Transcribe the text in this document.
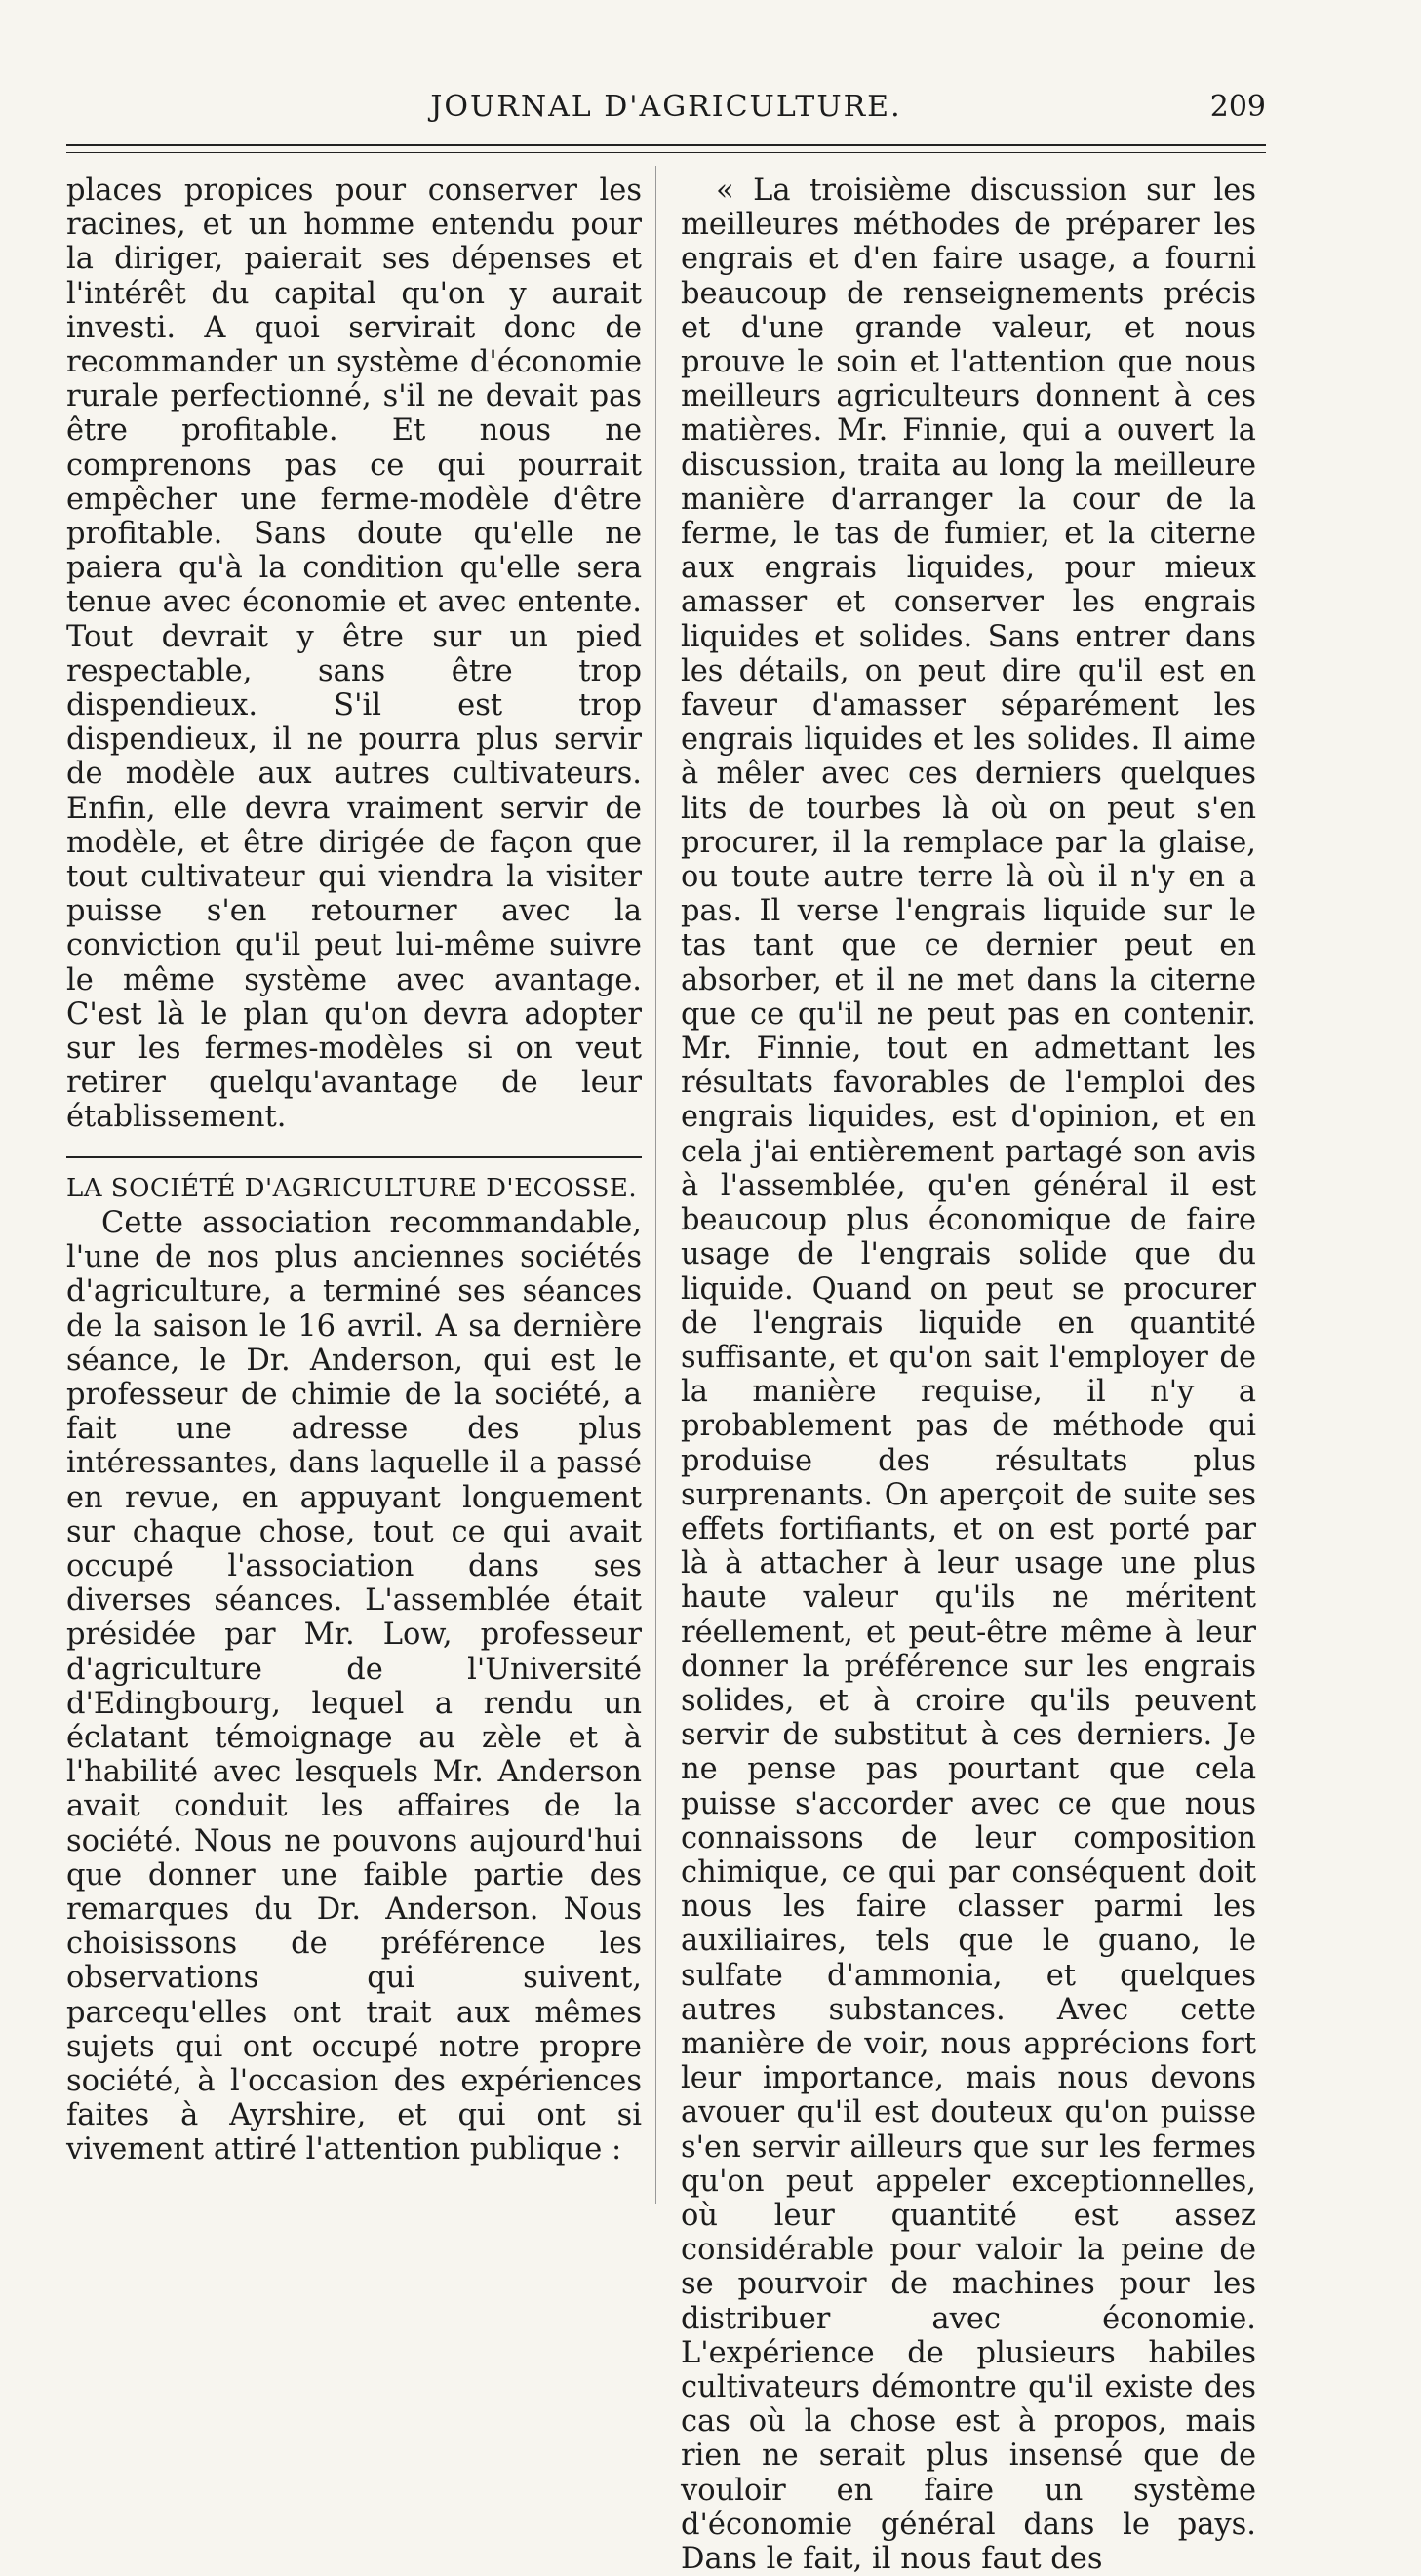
JOURNAL D'AGRICULTURE.	209

places propices pour conserver les racines, et un homme entendu pour la diriger, paierait ses dépenses et l'intérêt du capital qu'on y aurait investi. A quoi servirait donc de recommander un système d'économie rurale perfectionné, s'il ne devait pas être profitable. Et nous ne comprenons pas ce qui pourrait empêcher une ferme-modèle d'être profitable. Sans doute qu'elle ne paiera qu'à la condition qu'elle sera tenue avec économie et avec entente. Tout devrait y être sur un pied respectable, sans être trop dispendieux. S'il est trop dispendieux, il ne pourra plus servir de modèle aux autres cultivateurs. Enfin, elle devra vraiment servir de modèle, et être dirigée de façon que tout cultivateur qui viendra la visiter puisse s'en retourner avec la conviction qu'il peut lui-même suivre le même système avec avantage. C'est là le plan qu'on devra adopter sur les fermes-modèles si on veut retirer quelqu'avantage de leur établissement.

LA SOCIÉTÉ D'AGRICULTURE D'ECOSSE.

Cette association recommandable, l'une de nos plus anciennes sociétés d'agriculture, a terminé ses séances de la saison le 16 avril. A sa dernière séance, le Dr. Anderson, qui est le professeur de chimie de la société, a fait une adresse des plus intéressantes, dans laquelle il a passé en revue, en appuyant longuement sur chaque chose, tout ce qui avait occupé l'association dans ses diverses séances. L'assemblée était présidée par Mr. Low, professeur d'agriculture de l'Université d'Edingbourg, lequel a rendu un éclatant témoignage au zèle et à l'habilité avec lesquels Mr. Anderson avait conduit les affaires de la société. Nous ne pouvons aujourd'hui que donner une faible partie des remarques du Dr. Anderson. Nous choisissons de préférence les observations qui suivent, parcequ'elles ont trait aux mêmes sujets qui ont occupé notre propre société, à l'occasion des expériences faites à Ayrshire, et qui ont si vivement attiré l'attention publique :

« La troisième discussion sur les meilleures méthodes de préparer les engrais et d'en faire usage, a fourni beaucoup de renseignements précis et d'une grande valeur, et nous prouve le soin et l'attention que nous meilleurs agriculteurs donnent à ces matières. Mr. Finnie, qui a ouvert la discussion, traita au long la meilleure manière d'arranger la cour de la ferme, le tas de fumier, et la citerne aux engrais liquides, pour mieux amasser et conserver les engrais liquides et solides. Sans entrer dans les détails, on peut dire qu'il est en faveur d'amasser séparément les engrais liquides et les solides. Il aime à mêler avec ces derniers quelques lits de tourbes là où on peut s'en procurer, il la remplace par la glaise, ou toute autre terre là où il n'y en a pas. Il verse l'engrais liquide sur le tas tant que ce dernier peut en absorber, et il ne met dans la citerne que ce qu'il ne peut pas en contenir. Mr. Finnie, tout en admettant les résultats favorables de l'emploi des engrais liquides, est d'opinion, et en cela j'ai entièrement partagé son avis à l'assemblée, qu'en général il est beaucoup plus économique de faire usage de l'engrais solide que du liquide. Quand on peut se procurer de l'engrais liquide en quantité suffisante, et qu'on sait l'employer de la manière requise, il n'y a probablement pas de méthode qui produise des résultats plus surprenants. On aperçoit de suite ses effets fortifiants, et on est porté par là à attacher à leur usage une plus haute valeur qu'ils ne méritent réellement, et peut-être même à leur donner la préférence sur les engrais solides, et à croire qu'ils peuvent servir de substitut à ces derniers. Je ne pense pas pourtant que cela puisse s'accorder avec ce que nous connaissons de leur composition chimique, ce qui par conséquent doit nous les faire classer parmi les auxiliaires, tels que le guano, le sulfate d'ammonia, et quelques autres substances. Avec cette manière de voir, nous apprécions fort leur importance, mais nous devons avouer qu'il est douteux qu'on puisse s'en servir ailleurs que sur les fermes qu'on peut appeler exceptionnelles, où leur quantité est assez considérable pour valoir la peine de se pourvoir de machines pour les distribuer avec économie. L'expérience de plusieurs habiles cultivateurs démontre qu'il existe des cas où la chose est à propos, mais rien ne serait plus insensé que de vouloir en faire un système d'économie général dans le pays. Dans le fait, il nous faut des
